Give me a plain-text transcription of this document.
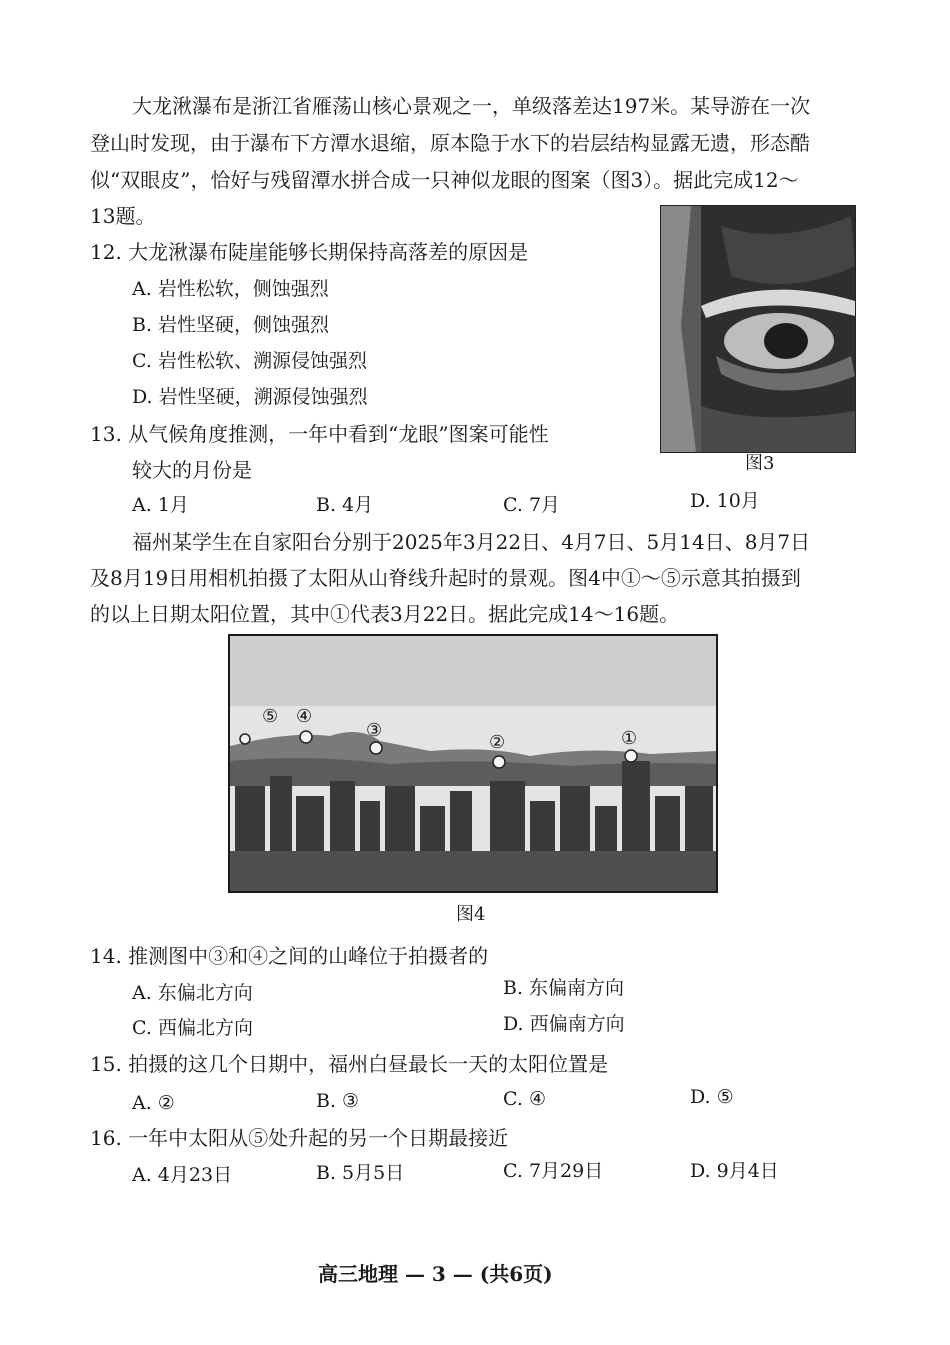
大龙湫瀑布是浙江省雁荡山核心景观之一，单级落差达197米。某导游在一次
登山时发现，由于瀑布下方潭水退缩，原本隐于水下的岩层结构显露无遗，形态酷
似“双眼皮”，恰好与残留潭水拼合成一只神似龙眼的图案（图3）。据此完成12～
13题。
12. 大龙湫瀑布陡崖能够长期保持高落差的原因是
A. 岩性松软，侧蚀强烈
B. 岩性坚硬，侧蚀强烈
C. 岩性松软、溯源侵蚀强烈
D. 岩性坚硬，溯源侵蚀强烈
13. 从气候角度推测，一年中看到“龙眼”图案可能性
较大的月份是
A. 1月	B. 4月	C. 7月	D. 10月
图3
福州某学生在自家阳台分别于2025年3月22日、4月7日、5月14日、8月7日
及8月19日用相机拍摄了太阳从山脊线升起时的景观。图4中①～⑤示意其拍摄到
的以上日期太阳位置，其中①代表3月22日。据此完成14～16题。
⑤ ④
③
②	①
图4
14. 推测图中③和④之间的山峰位于拍摄者的
A. 东偏北方向	B. 东偏南方向
C. 西偏北方向	D. 西偏南方向
15. 拍摄的这几个日期中，福州白昼最长一天的太阳位置是
A. ②	B. ③	C. ④	D. ⑤
16. 一年中太阳从⑤处升起的另一个日期最接近
A. 4月23日	B. 5月5日	C. 7月29日	D. 9月4日
高三地理 — 3 — (共6页)
